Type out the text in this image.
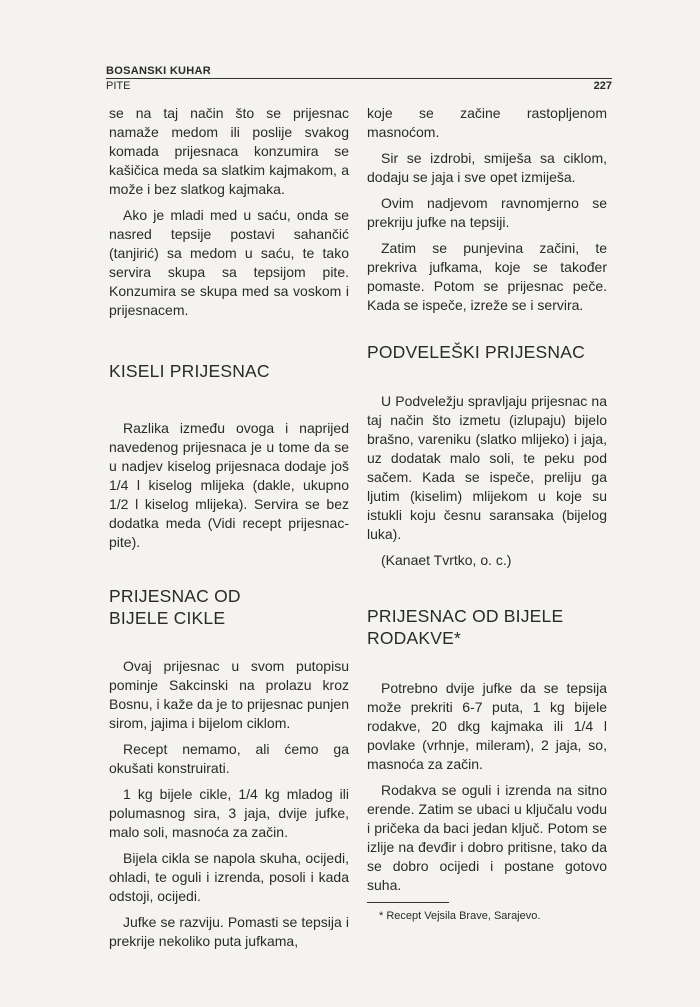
BOSANSKI KUHAR
PITE	227

se na taj način što se prijesnac namaže medom ili poslije svakog komada prijesnaca konzumira se kašičica meda sa slatkim kajmakom, a može i bez slatkog kajmaka.

Ako je mladi med u saću, onda se nasred tepsije postavi sahančić (tanjirić) sa medom u saću, te tako servira skupa sa tepsijom pite. Konzumira se skupa med sa voskom i prijesnacem.

KISELI PRIJESNAC

Razlika između ovoga i naprijed navedenog prijesnaca je u tome da se u nadjev kiselog prijesnaca dodaje još 1/4 l kiselog mlijeka (dakle, ukupno 1/2 l kiselog mlijeka). Servira se bez dodatka meda (Vidi recept prijesnac-pite).

PRIJESNAC OD
BIJELE CIKLE

Ovaj prijesnac u svom putopisu pominje Sakcinski na prolazu kroz Bosnu, i kaže da je to prijesnac punjen sirom, jajima i bijelom ciklom.

Recept nemamo, ali ćemo ga okušati konstruirati.

1 kg bijele cikle, 1/4 kg mladog ili polumasnog sira, 3 jaja, dvije jufke, malo soli, masnoća za začin.

Bijela cikla se napola skuha, ocijedi, ohladi, te oguli i izrenda, posoli i kada odstoji, ocijedi.

Jufke se razviju. Pomasti se tepsija i prekrije nekoliko puta jufkama,

koje se začine rastopljenom masnoćom.

Sir se izdrobi, smiješa sa ciklom, dodaju se jaja i sve opet izmiješa.

Ovim nadjevom ravnomjerno se prekriju jufke na tepsiji.

Zatim se punjevina začini, te prekriva jufkama, koje se također pomaste. Potom se prijesnac peče. Kada se ispeče, izreže se i servira.

PODVELEŠKI PRIJESNAC

U Podveležju spravljaju prijesnac na taj način što izmetu (izlupaju) bijelo brašno, vareniku (slatko mlijeko) i jaja, uz dodatak malo soli, te peku pod sačem. Kada se ispeče, preliju ga ljutim (kiselim) mlijekom u koje su istukli koju česnu saransaka (bijelog luka).

(Kanaet Tvrtko, o. c.)

PRIJESNAC OD BIJELE
RODAKVE*

Potrebno dvije jufke da se tepsija može prekriti 6-7 puta, 1 kg bijele rodakve, 20 dkg kajmaka ili 1/4 l povlake (vrhnje, mileram), 2 jaja, so, masnoća za začin.

Rodakva se oguli i izrenda na sitno erende. Zatim se ubaci u ključalu vodu i pričeka da baci jedan ključ. Potom se izlije na đevđir i dobro pritisne, tako da se dobro ocijedi i postane gotovo suha.

* Recept Vejsila Brave, Sarajevo.
